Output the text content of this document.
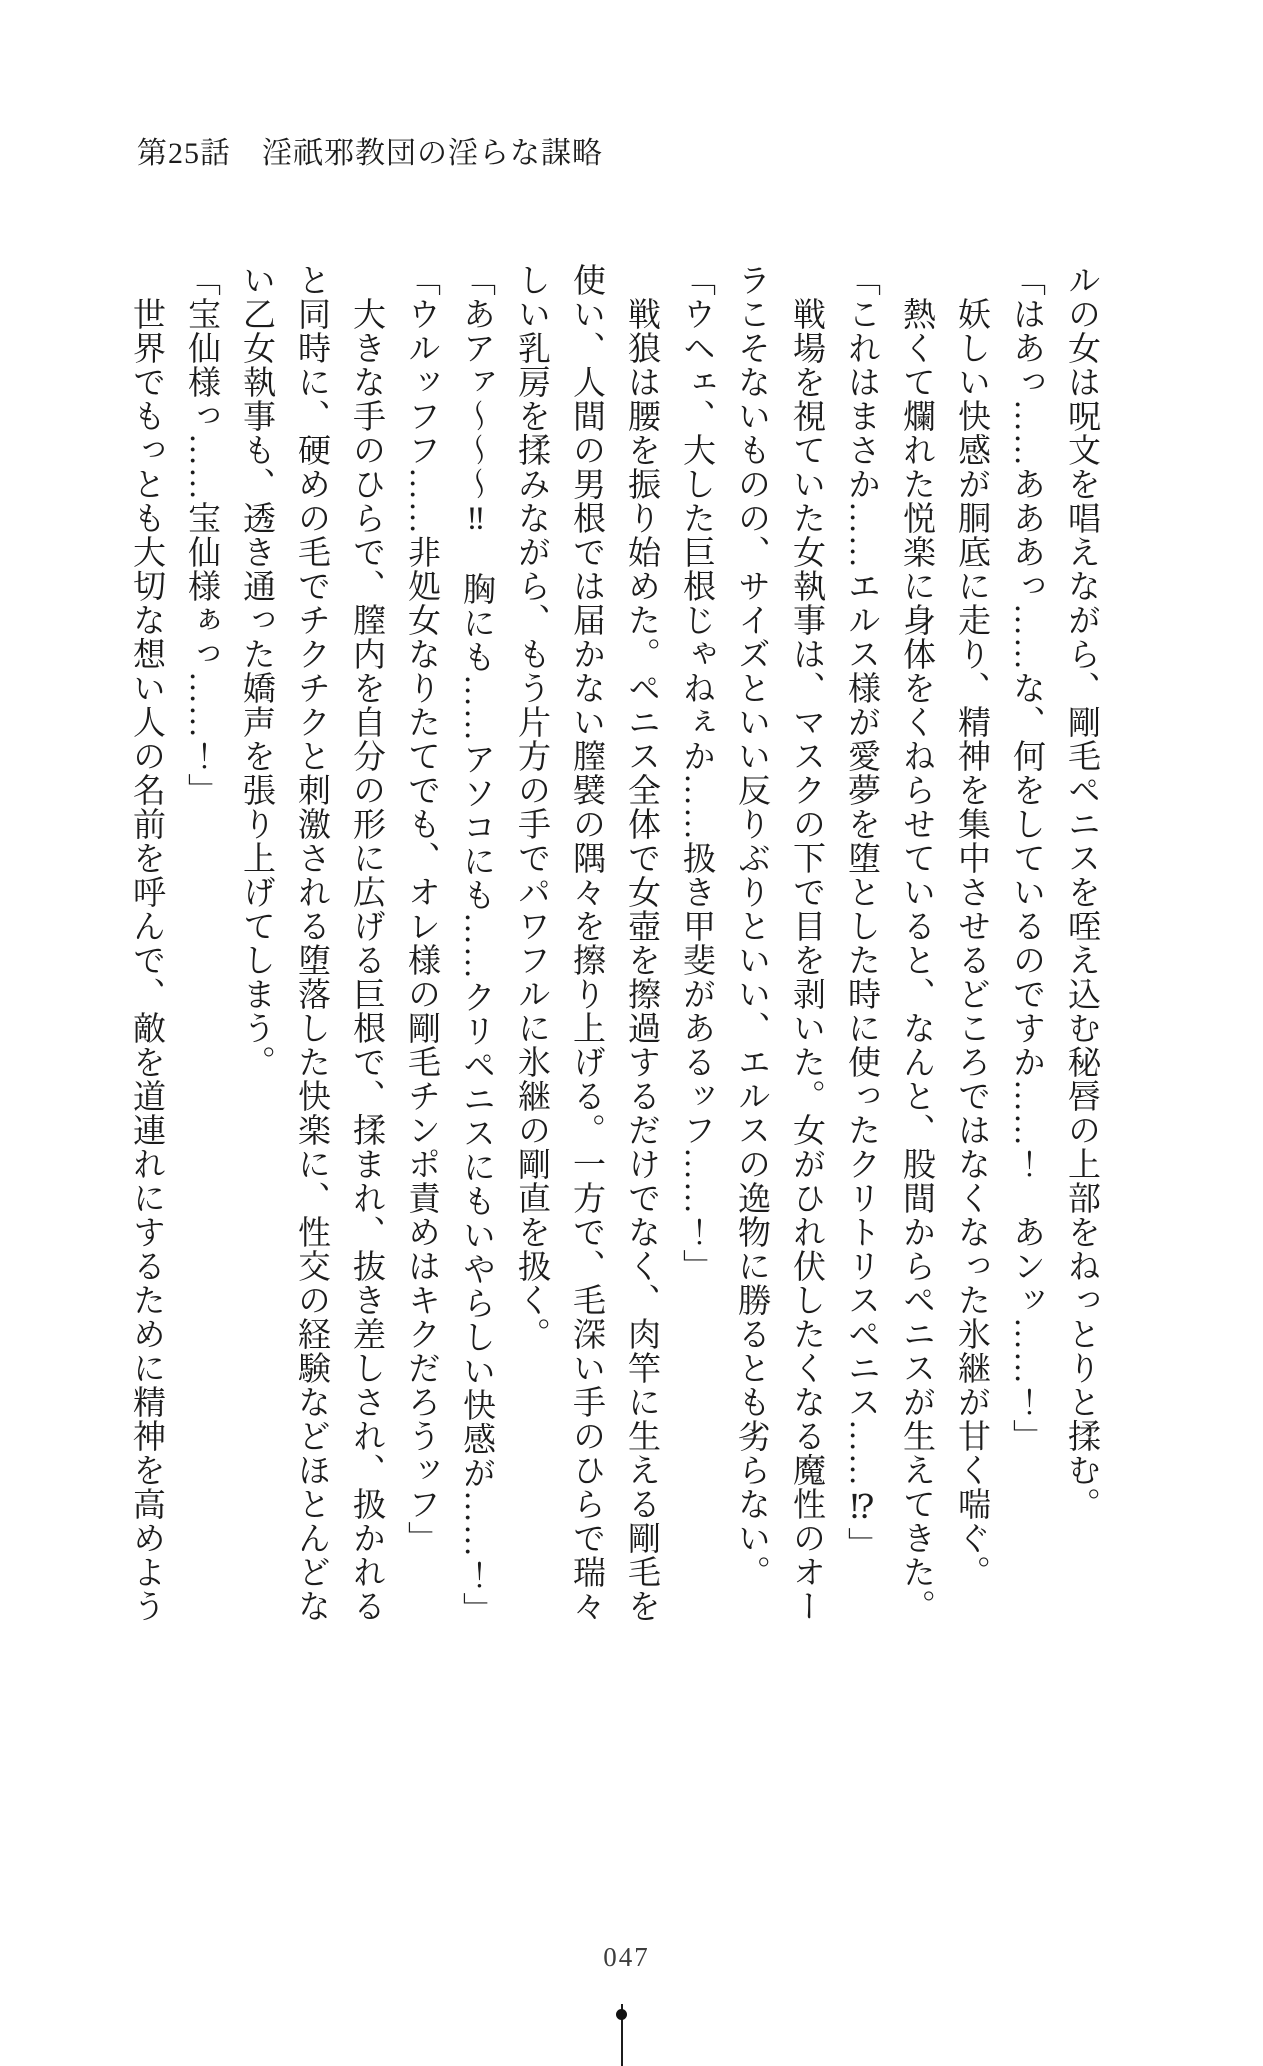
第25話　淫祇邪教団の淫らな謀略

ルの女は呪文を唱えながら、剛毛ペニスを咥え込む秘唇の上部をねっとりと揉む。

「はあっ……あああっ……な、何をしているのですか……！　あンッ……！」

妖しい快感が胴底に走り、精神を集中させるどころではなくなった氷継が甘く喘ぐ。

熱くて爛れた悦楽に身体をくねらせていると、なんと、股間からペニスが生えてきた。

「これはまさか……エルス様が愛夢を堕とした時に使ったクリトリスペニス……⁉」

戦場を視ていた女執事は、マスクの下で目を剥いた。女がひれ伏したくなる魔性のオー

ラこそないものの、サイズといい反りぶりといい、エルスの逸物に勝るとも劣らない。

「ウヘェ、大した巨根じゃねぇか……扱き甲斐があるッフ……！」

戦狼は腰を振り始めた。ペニス全体で女壺を擦過するだけでなく、肉竿に生える剛毛を

使い、人間の男根では届かない膣襞の隅々を擦り上げる。一方で、毛深い手のひらで瑞々

しい乳房を揉みながら、もう片方の手でパワフルに氷継の剛直を扱く。

「あアァ～～～‼　胸にも……アソコにも……クリペニスにもいやらしい快感が……！」

「ウルッフフ……非処女なりたてでも、オレ様の剛毛チンポ責めはキクだろうッフ」

大きな手のひらで、膣内を自分の形に広げる巨根で、揉まれ、抜き差しされ、扱かれる

と同時に、硬めの毛でチクチクと刺激される堕落した快楽に、性交の経験などほとんどな

い乙女執事も、透き通った嬌声を張り上げてしまう。

「宝仙様っ……宝仙様ぁっ……！」

世界でもっとも大切な想い人の名前を呼んで、敵を道連れにするために精神を高めよう

047
